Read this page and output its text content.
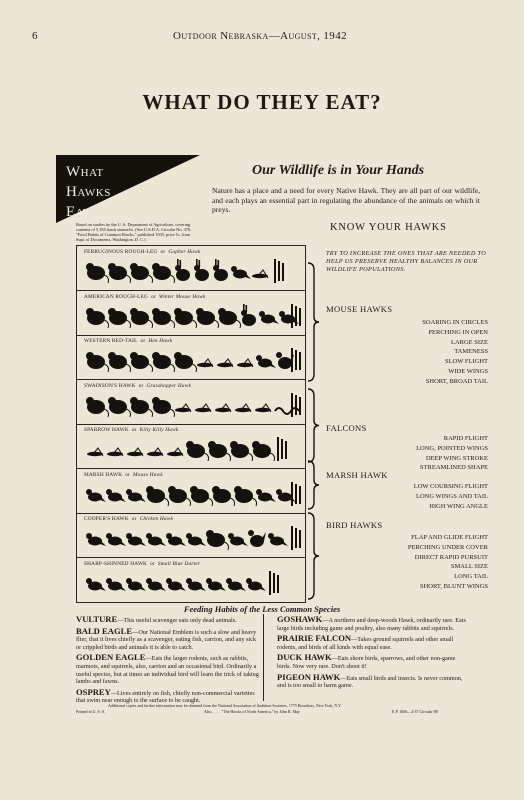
6	Outdoor Nebraska—August, 1942
WHAT DO THEY EAT?
What
Hawks
Eat
Our Wildlife is in Your Hands
Nature has a place and a need for every Native Hawk. They are all part of our wildlife, and each plays an essential part in regulating the abundance of the animals on which it preys.
Based on studies by the U. S. Department of Agriculture, covering contents of 5,185 hawk stomachs. (See U.S.D.A. Circular No. 370, "Food Habits of Common Hawks," published 1935, price 5c, from Supt. of Documents, Washington, D. C.)
KNOW YOUR HAWKS
TRY TO INCREASE THE ONES THAT ARE NEEDED TO HELP US PRESERVE HEALTHY BALANCES IN OUR WILDLIFE POPULATIONS.
FERRUGINOUS ROUGH-LEG or Gopher Hawk
AMERICAN ROUGH-LEG or Winter Mouse Hawk
WESTERN RED-TAIL or Hen Hawk
SWAINSON'S HAWK or Grasshopper Hawk
SPARROW HAWK or Killy Killy Hawk
MARSH HAWK or Mouse Hawk
COOPER'S HAWK or Chicken Hawk
SHARP-SHINNED HAWK or Small Blue Darter
MOUSE HAWKS
SOARING IN CIRCLES
PERCHING IN OPEN
LARGE SIZE
TAMENESS
SLOW FLIGHT
WIDE WINGS
SHORT, BROAD TAIL
FALCONS
RAPID FLIGHT
LONG, POINTED WINGS
DEEP WING STROKE
STREAMLINED SHAPE
MARSH HAWK
LOW COURSING FLIGHT
LONG WINGS AND TAIL
HIGH WING ANGLE
BIRD HAWKS
FLAP AND GLIDE FLIGHT
PERCHING UNDER COVER
DIRECT RAPID PURSUIT
SMALL SIZE
LONG TAIL
SHORT, BLUNT WINGS
Feeding Habits of the Less Common Species
VULTURE—This useful scavenger eats only dead animals.
BALD EAGLE—Our National Emblem is such a slow and heavy flier, that it lives chiefly as a scavenger, eating fish, carrion, and any sick or crippled birds and animals it is able to catch.
GOLDEN EAGLE—Eats the larger rodents, such as rabbits, marmots, and squirrels, also, carrion and an occasional bird. Ordinarily a useful species, but at times an individual bird will learn the trick of taking lambs and fawns.
OSPREY—Lives entirely on fish, chiefly non-commercial varieties that swim near enough to the surface to be caught.
GOSHAWK—A northern and deep-woods Hawk, ordinarily rare. Eats large birds including game and poultry, also many rabbits and squirrels.
PRAIRIE FALCON—Takes ground squirrels and other small rodents, and birds of all kinds with equal ease.
DUCK HAWK—Eats shore birds, sparrows, and other non-game birds. Now very rare. Don't shoot it!
PIGEON HAWK—Eats small birds and insects. Is never common, and is too small to harm game.
Additional copies and further information may be obtained from the National Association of Audubon Societies, 1775 Broadway, New York, N.Y.
Printed in U. S. A.	Also. . . . . "The Hawks of North America," by John B. May	E.P. 1006—4-37 Circular 88
